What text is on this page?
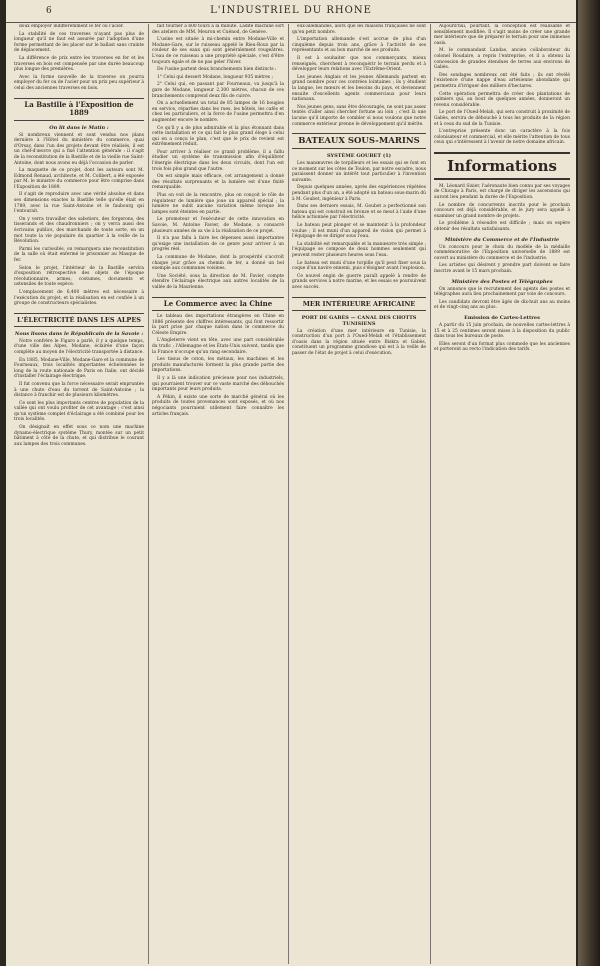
6	L'INDUSTRIEL DU RHONE

doux employer indifféremment le fer ou l'acier.

La stabilité de ces traverses n'ayant pas plus de longueur qu'il ne faut est assurée par l'adoption d'une forme permettant de les placer sur le ballast sans crainte de déplacement.

La différence de prix entre les traverses en fer et les traverses en bois est compensée par une durée beaucoup plus longue des premières.

Avec la forme nouvelle de la traverse on pourra employer du fer ou de l'acier pour un prix peu supérieur à celui des anciennes traverses en bois.

La Bastille à l'Exposition de 1889
On lit dans le Matin :

Si nombreux viennent et sont vendus nos plans dernière à l'Hôtel du ministère du commerce, quai d'Orsay, dans l'un des projets devant être réalisés, il est un chef-d'œuvre qui a fixé l'attention générale : il s'agit de la reconstitution de la Bastille et de la vieille rue Saint-Antoine, dont nous avons eu déjà l'occasion de parler.

La maquette de ce projet, dont les auteurs sont M. Edmond Renaud, architecte, et M. Colibert, a été exposée par M. le ministre du commerce pour être comprise dans l'Exposition de 1889.

Il s'agit de reproduire avec une vérité absolue et dans ses dimensions exactes la Bastille telle qu'elle était en 1789, avec la rue Saint-Antoine et le faubourg qui l'entourait.

On y verra travailler des sabotiers, des forgerons, des tisserands et des chaudronniers ; on y verra aussi des écrivains publics, des marchands de toute sorte, en un mot toute la vie populaire du quartier à la veille de la Révolution.

Parmi les curiosités, on remarquera une reconstitution de la salle où était enfermé le prisonnier au Masque de fer.

Selon le projet, l'intérieur de la Bastille servira d'exposition rétrospective des objets de l'époque révolutionnaire, armes, costumes, documents et ustensiles de toute espèce.

L'emplacement de 6,400 mètres est nécessaire à l'exécution du projet, et la réalisation en est confiée à un groupe de constructeurs spécialistes.

L'ÉLECTRICITÉ DANS LES ALPES
Nous lisons dans le Républicain de la Savoie :

Notre confrère le Figaro a parlé, il y a quelque temps, d'une ville des Alpes, Modane, éclairée d'une façon complète au moyen de l'électricité transportée à distance.

En 1885, Modane-Ville, Modane-Gare et la commune de Fourneaux, trois localités importantes échelonnées le long de la route nationale de Paris en Italie, ont décidé d'installer l'éclairage électrique.

Il fut convenu que la force nécessaire serait empruntée à une chute d'eau du torrent de Saint-Antoine ; la distance à franchir est de plusieurs kilomètres.

Ce sont les plus importants centres de population de la vallée qui ont voulu profiter de cet avantage ; c'est ainsi qu'un système complet d'éclairage a été combiné pour les trois localités.

On désignait en effet sous ce nom une machine dynamo-électrique système Thury, montée sur un petit bâtiment à côté de la chute, et qui distribue le courant aux lampes des trois communes.

fait tourner à 600 tours à la minute. Ladite machine sort des ateliers de MM. Meuron et Cuénod, de Genève.

L'usine est située à mi-chemin entre Modane-Ville et Modane-Gare, sur le ruisseau appelé le Rieu-Roux par la couleur de ses eaux qui sont généralement rougeâtres. L'eau de ce ruisseau a une propriété spéciale, c'est d'être toujours égale et de ne pas geler l'hiver.

De l'usine partent deux branchements bien distincts :

1° Celui qui dessert Modane, longueur 935 mètres ;

2° Celui qui, en passant par Fourneaux, va jusqu'à la gare de Modane, longueur 2,300 mètres, chacun de ces branchements comprend deux fils de cuivre.

On a actuellement un total de 85 lampes de 16 bougies en service, réparties dans les rues, les hôtels, les cafés et chez les particuliers, et la force de l'usine permettra d'en augmenter encore le nombre.

Ce qu'il y a de plus admirable et la plus étonnant dans cette installation et ce qui fait le plus grand éloge à celui qui en a conçu le plan, c'est que le prix de revient est extrêmement réduit.

Pour arriver à réaliser ce grand problème, il a fallu étudier un système de transmission afin d'équilibrer l'énergie électrique dans les deux circuits, dont l'un est trois fois plus grand que l'autre.

On est simple mais efficace, cet arrangement a donné des résultats surprenants et la lumière est d'une fixité remarquable.

Plus on voit de la rencontre, plus on conçoit le rôle de régulateur de lumière que joue un appareil spécial ; la lumière ne subit aucune variation même lorsque les lampes sont éteintes en partie.

Le promoteur et l'exécuteur de cette innovation en Savoie, M. Antoine Favier, de Modane, a consacré plusieurs années de sa vie à la réalisation de ce projet.

Il n'a pas fallu à faire les dépenses aussi importantes qu'exige une installation de ce genre pour arriver à un progrès réel.

La commune de Modane, dont la prospérité s'accroît chaque jour grâce au chemin de fer, a donné un bel exemple aux communes voisines.

Une Société, sous la direction de M. Favier, compte étendre l'éclairage électrique aux autres localités de la vallée de la Maurienne.

Le Commerce avec la Chine

Le tableau des importations étrangères en Chine en 1886 présente des chiffres intéressants, qui font ressortir la part prise par chaque nation dans le commerce du Céleste Empire.

L'Angleterre vient en tête, avec une part considérable du trafic ; l'Allemagne et les États-Unis suivent, tandis que la France n'occupe qu'un rang secondaire.

Les tissus de coton, les métaux, les machines et les produits manufacturés forment la plus grande partie des importations.

Il y a là une indication précieuse pour nos industriels, qui pourraient trouver sur ce vaste marché des débouchés importants pour leurs produits.

A Pékin, il existe une sorte de marché général où les produits de toutes provenances sont exposés, et où nos négociants pourraient utilement faire connaître les articles français.

eux-allemandes, alors que les maisons françaises ne sont qu'en petit nombre.

L'importation allemande s'est accrue de plus d'un cinquième depuis trois ans, grâce à l'activité de ses représentants et au bon marché de ses produits.

Il est à souhaiter que nos commerçants, mieux renseignés, cherchent à reconquérir le terrain perdu et à développer leurs relations avec l'Extrême-Orient.

Les jeunes Anglais et les jeunes Allemands partent en grand nombre pour ces contrées lointaines ; ils y étudient la langue, les mœurs et les besoins du pays, et deviennent ensuite d'excellents agents commerciaux pour leurs nationaux.

Nos jeunes gens, sans être découragés, ne sont pas assez tentés d'aller ainsi chercher fortune au loin ; c'est là une lacune qu'il importe de combler si nous voulons que notre commerce extérieur prenne le développement qu'il mérite.

BATEAUX SOUS-MARINS
SYSTÈME GOUBET (1)

Les manœuvres de torpilleurs et les essais qui se font en ce moment sur les côtes de Toulon, par notre escadre, nous paraissent donner un intérêt tout particulier à l'invention suivante.

Depuis quelques années, après des expériences répétées pendant plus d'un an, a été adopté un bateau sous-marin dû à M. Goubet, ingénieur à Paris.

Dans ses derniers essais, M. Goubet a perfectionné son bateau qui est construit en bronze et se meut à l'aide d'une hélice actionnée par l'électricité.

Le bateau peut plonger et se maintenir à la profondeur voulue ; il est muni d'un appareil de vision qui permet à l'équipage de se diriger sous l'eau.

La stabilité est remarquable et la manœuvre très simple ; l'équipage se compose de deux hommes seulement qui peuvent rester plusieurs heures sous l'eau.

Le bateau est muni d'une torpille qu'il peut fixer sous la coque d'un navire ennemi, puis s'éloigner avant l'explosion.

Ce nouvel engin de guerre paraît appelé à rendre de grands services à notre marine, et les essais se poursuivent avec succès.

MER INTÉRIEURE AFRICAINE
PORT DE GABÈS — CANAL DES CHOTTS TUNISIENS

La création d'une mer intérieure en Tunisie, la construction d'un port à l'Oued-Melah et l'établissement d'oasis dans la région située entre Biskra et Gabès, constituent un programme grandiose qui est à la veille de passer de l'état de projet à celui d'exécution.

Aujourd'hui, pourtant, la conception est réalisable et sensiblement modifiée. Il s'agit moins de créer une grande mer intérieure que de préparer le terrain pour une immense oasis.

M. le commandant Landas, ancien collaborateur du colonel Roudaire, a repris l'entreprise, et il a obtenu la concession de grandes étendues de terres aux environs de Gabès.

Des sondages nombreux ont été faits ; ils ont révélé l'existence d'une nappe d'eau artésienne abondante qui permettra d'irriguer des milliers d'hectares.

Cette opération permettra de créer des plantations de palmiers qui, au bout de quelques années, donneront un revenu considérable.

Le port de l'Oued-Melah, qui sera construit à proximité de Gabès, servira de débouché à tous les produits de la région et à ceux du sud de la Tunisie.

L'entreprise présente donc un caractère à la fois colonisateur et commercial, et elle mérite l'attention de tous ceux qui s'intéressent à l'avenir de notre domaine africain.

Informations

M. Léonard Sixier, l'aéronaute bien connu par ses voyages de Chicago à Paris, est chargé de diriger les ascensions qui auront lieu pendant la durée de l'Exposition.

Le nombre de concurrents inscrits pour le prochain concours est déjà considérable, et le jury sera appelé à examiner un grand nombre de projets.

Le problème à résoudre est difficile ; mais on espère obtenir des résultats satisfaisants.

Ministère du Commerce et de l'Industrie

Un concours pour le choix du modèle de la médaille commémorative de l'Exposition universelle de 1889 est ouvert au ministère du commerce et de l'industrie.

Les artistes qui désirent y prendre part doivent se faire inscrire avant le 15 mars prochain.

Ministère des Postes et Télégraphes

On annonce que le recrutement des agents des postes et télégraphes aura lieu prochainement par voie de concours.

Les candidats devront être âgés de dix-huit ans au moins et de vingt-cinq ans au plus.

Emission de Cartes-Lettres

A partir du 15 juin prochain, de nouvelles cartes-lettres à 15 et à 25 centimes seront mises à la disposition du public dans tous les bureaux de poste.

Elles seront d'un format plus commode que les anciennes et porteront au recto l'indication des tarifs.
